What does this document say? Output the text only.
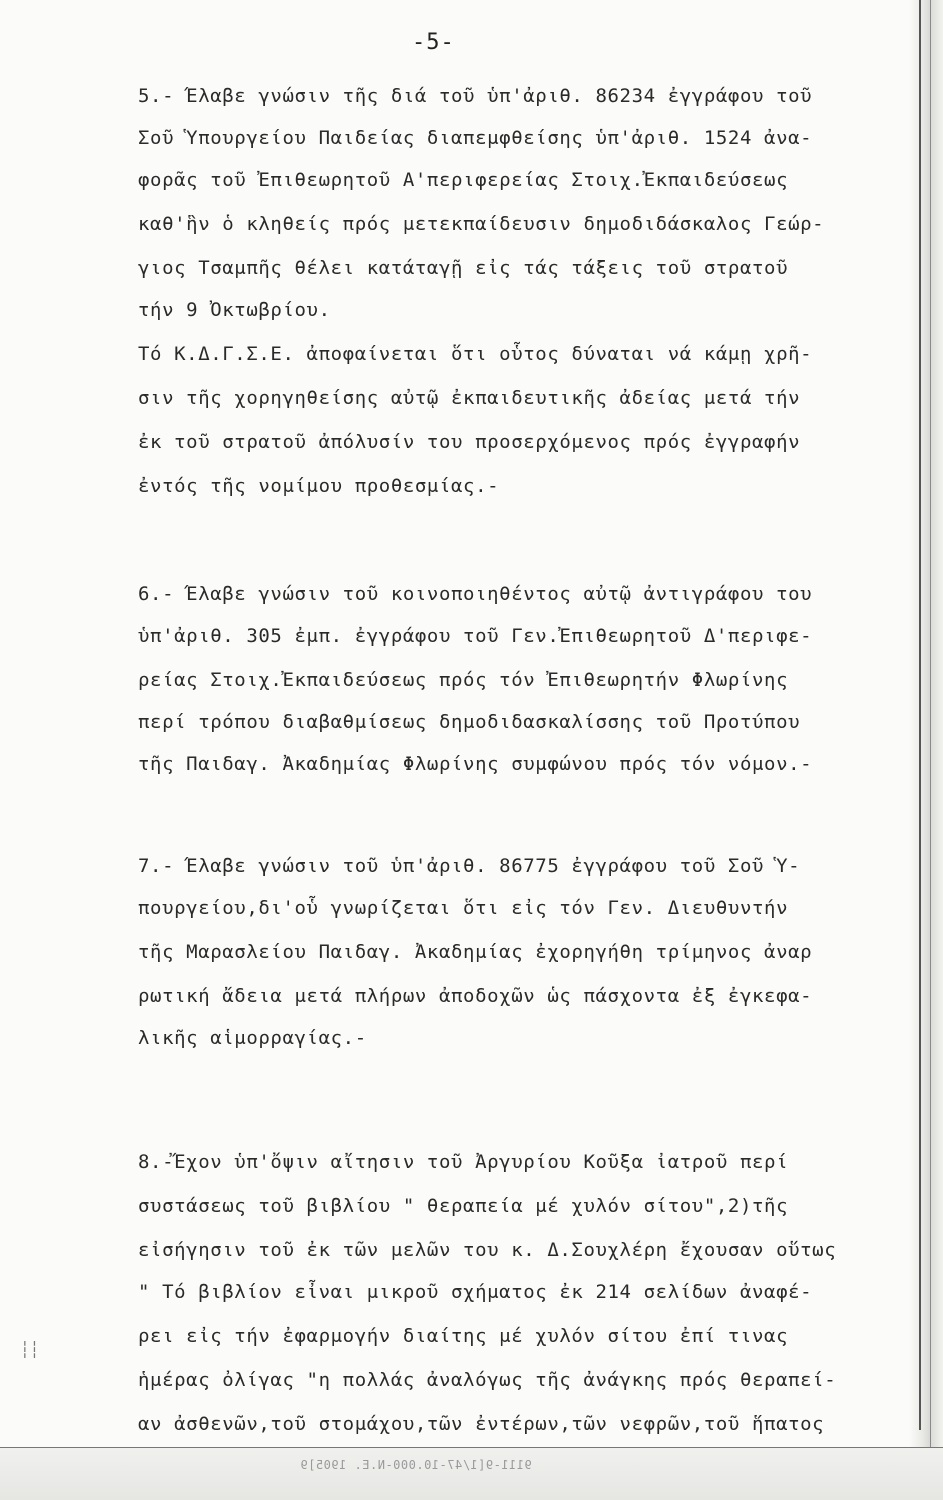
-5-
5.- Έλαβε γνώσιν τῆς διά τοῦ ὑπ'ἀριθ. 86234 ἐγγράφου τοῦ
Σοῦ Ὑπουργείου Παιδείας διαπεμφθείσης ὑπ'ἀριθ. 1524 ἀνα-
φορᾶς τοῦ Ἐπιθεωρητοῦ Α'περιφερείας Στοιχ.Ἐκπαιδεύσεως
καθ'ἣν ὁ κληθείς πρός μετεκπαίδευσιν δημοδιδάσκαλος Γεώρ-
γιος Τσαμπῆς θέλει κατάταγῇ εἰς τάς τάξεις τοῦ στρατοῦ
τήν 9 Ὀκτωβρίου.
Τό Κ.Δ.Γ.Σ.Ε. ἀποφαίνεται ὅτι οὗτος δύναται νά κάμῃ χρῆ-
σιν τῆς χορηγηθείσης αὐτῷ ἐκπαιδευτικῆς ἀδείας μετά τήν
ἐκ τοῦ στρατοῦ ἀπόλυσίν του προσερχόμενος πρός ἐγγραφήν
ἐντός τῆς νομίμου προθεσμίας.-
6.- Έλαβε γνώσιν τοῦ κοινοποιηθέντος αὐτῷ ἀντιγράφου του
ὑπ'ἀριθ. 305 ἐμπ. ἐγγράφου τοῦ Γεν.Ἐπιθεωρητοῦ Δ'περιφε-
ρείας Στοιχ.Ἐκπαιδεύσεως πρός τόν Ἐπιθεωρητήν Φλωρίνης
περί τρόπου διαβαθμίσεως δημοδιδασκαλίσσης τοῦ Προτύπου
τῆς Παιδαγ. Ἀκαδημίας Φλωρίνης συμφώνου πρός τόν νόμον.-
7.- Έλαβε γνώσιν τοῦ ὑπ'ἀριθ. 86775 ἐγγράφου τοῦ Σοῦ Ὑ-
πουργείου,δι'οὗ γνωρίζεται ὅτι εἰς τόν Γεν. Διευθυντήν
τῆς Μαρασλείου Παιδαγ. Ἀκαδημίας ἐχορηγήθη τρίμηνος ἀναρ
ρωτική ἄδεια μετά πλήρων ἀποδοχῶν ὡς πάσχοντα ἐξ ἐγκεφα-
λικῆς αἱμορραγίας.-
8.-Ἔχον ὑπ'ὄψιν αἴτησιν τοῦ Ἀργυρίου Κοῦξα ἰατροῦ περί
συστάσεως τοῦ βιβλίου " θεραπεία μέ χυλόν σίτου",2)τῆς
εἰσήγησιν τοῦ ἐκ τῶν μελῶν του κ. Δ.Σουχλέρη ἔχουσαν οὕτως
" Τό βιβλίον εἶναι μικροῦ σχήματος ἐκ 214 σελίδων ἀναφέ-
ρει εἰς τήν ἐφαρμογήν διαίτης μέ χυλόν σίτου ἐπί τινας
ἡμέρας ὀλίγας "η πολλάς ἀναλόγως τῆς ἀνάγκης πρός θεραπεί-
αν ἀσθενῶν,τοῦ στομάχου,τῶν ἐντέρων,τῶν νεφρῶν,τοῦ ἥπατος
┆┆
9111-9[1/47-10.000-Ν.Ε. 1905]9
